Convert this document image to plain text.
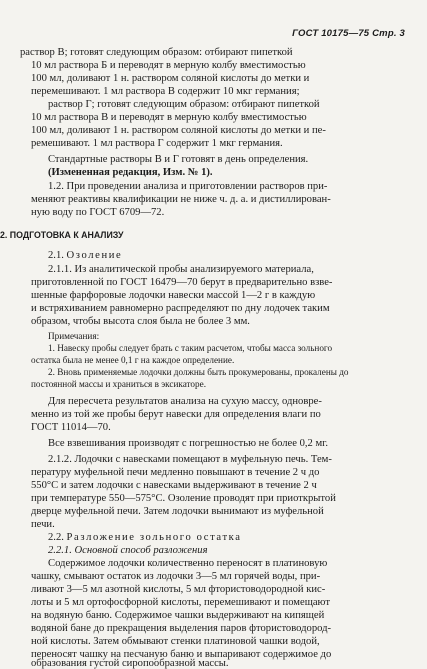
ГОСТ 10175—75 Стр. 3
раствор В; готовят следующим образом: отбирают пипеткой
10 мл раствора Б и переводят в мерную колбу вместимостью
100 мл, доливают 1 н. раствором соляной кислоты до метки и
перемешивают. 1 мл раствора В содержит 10 мкг германия;
раствор Г; готовят следующим образом: отбирают пипеткой
10 мл раствора В и переводят в мерную колбу вместимостью
100 мл, доливают 1 н. раствором соляной кислоты до метки и пе-
ремешивают. 1 мл раствора Г содержит 1 мкг германия.
Стандартные растворы В и Г готовят в день определения.
(Измененная редакция, Изм. № 1).
1.2. При проведении анализа и приготовлении растворов при-
меняют реактивы квалификации не ниже ч. д. а. и дистиллирован-
ную воду по ГОСТ 6709—72.
2. ПОДГОТОВКА К АНАЛИЗУ
2.1. Озоление
2.1.1. Из аналитической пробы анализируемого материала,
приготовленной по ГОСТ 16479—70 берут в предварительно взве-
шенные фарфоровые лодочки навески массой 1—2 г в каждую
и встряхиванием равномерно распределяют по дну лодочек таким
образом, чтобы высота слоя была не более 3 мм.
Примечания:
1. Навеску пробы следует брать с таким расчетом, чтобы масса зольного
остатка была не менее 0,1 г на каждое определение.
2. Вновь применяемые лодочки должны быть прокумерованы, прокалены до
постоянной массы и храниться в эксикаторе.
Для пересчета результатов анализа на сухую массу, одновре-
менно из той же пробы берут навески для определения влаги по
ГОСТ 11014—70.
Все взвешивания производят с погрешностью не более 0,2 мг.
2.1.2. Лодочки с навесками помещают в муфельную печь. Тем-
пературу муфельной печи медленно повышают в течение 2 ч до
550°С и затем лодочки с навесками выдерживают в течение 2 ч
при температуре 550—575°С. Озоление проводят при приоткрытой
дверце муфельной печи. Затем лодочки вынимают из муфельной
печи.
2.2. Разложение зольного остатка
2.2.1. Основной способ разложения
Содержимое лодочки количественно переносят в платиновую
чашку, смывают остаток из лодочки 3—5 мл горячей воды, при-
ливают 3—5 мл азотной кислоты, 5 мл фтористоводородной кис-
лоты и 5 мл ортофосфорной кислоты, перемешивают и помещают
на водяную баню. Содержимое чашки выдерживают на кипящей
водяной бане до прекращения выделения паров фтористоводород-
ной кислоты. Затем обмывают стенки платиновой чашки водой,
переносят чашку на песчаную баню и выпаривают содержимое до
образования густой сиропообразной массы.
